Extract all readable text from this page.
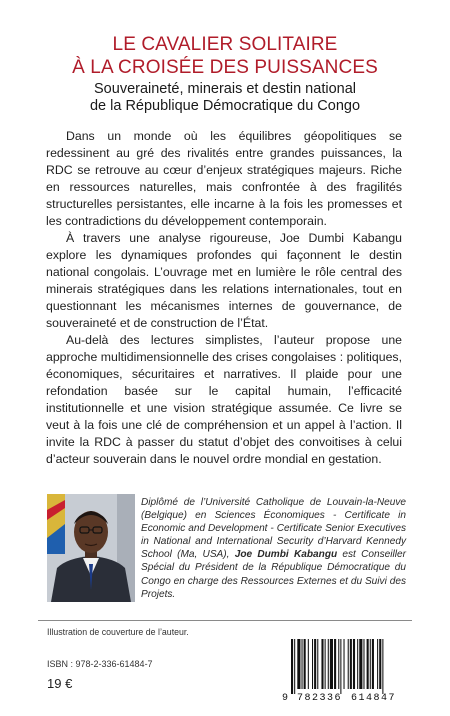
LE CAVALIER SOLITAIRE
À LA CROISÉE DES PUISSANCES
Souveraineté, minerais et destin national
de la République Démocratique du Congo

Dans un monde où les équilibres géopolitiques se redessinent au gré des rivalités entre grandes puissances, la RDC se retrouve au cœur d’enjeux stratégiques majeurs. Riche en ressources naturelles, mais confrontée à des fragilités structurelles persistantes, elle incarne à la fois les promesses et les contradictions du développement contemporain.

À travers une analyse rigoureuse, Joe Dumbi Kabangu explore les dynamiques profondes qui façonnent le destin national congolais. L’ouvrage met en lumière le rôle central des minerais stratégiques dans les relations internationales, tout en questionnant les mécanismes internes de gouvernance, de souveraineté et de construction de l’État.

Au-delà des lectures simplistes, l’auteur propose une approche multidimensionnelle des crises congolaises : politiques, économiques, sécuritaires et narratives. Il plaide pour une refondation basée sur le capital humain, l’efficacité institutionnelle et une vision stratégique assumée. Ce livre se veut à la fois une clé de compréhension et un appel à l’action. Il invite la RDC à passer du statut d’objet des convoitises à celui d’acteur souverain dans le nouvel ordre mondial en gestation.

Diplômé de l’Université Catholique de Louvain-la-Neuve (Belgique) en Sciences Économiques - Certificate in Economic and Development - Certificate Senior Executives in National and International Security d’Harvard Kennedy School (Ma, USA), Joe Dumbi Kabangu est Conseiller Spécial du Président de la République Démocratique du Congo en charge des Ressources Externes et du Suivi des Projets.
Illustration de couverture de l’auteur.
ISBN : 978-2-336-61484-7
19 €
9 782336 614847
